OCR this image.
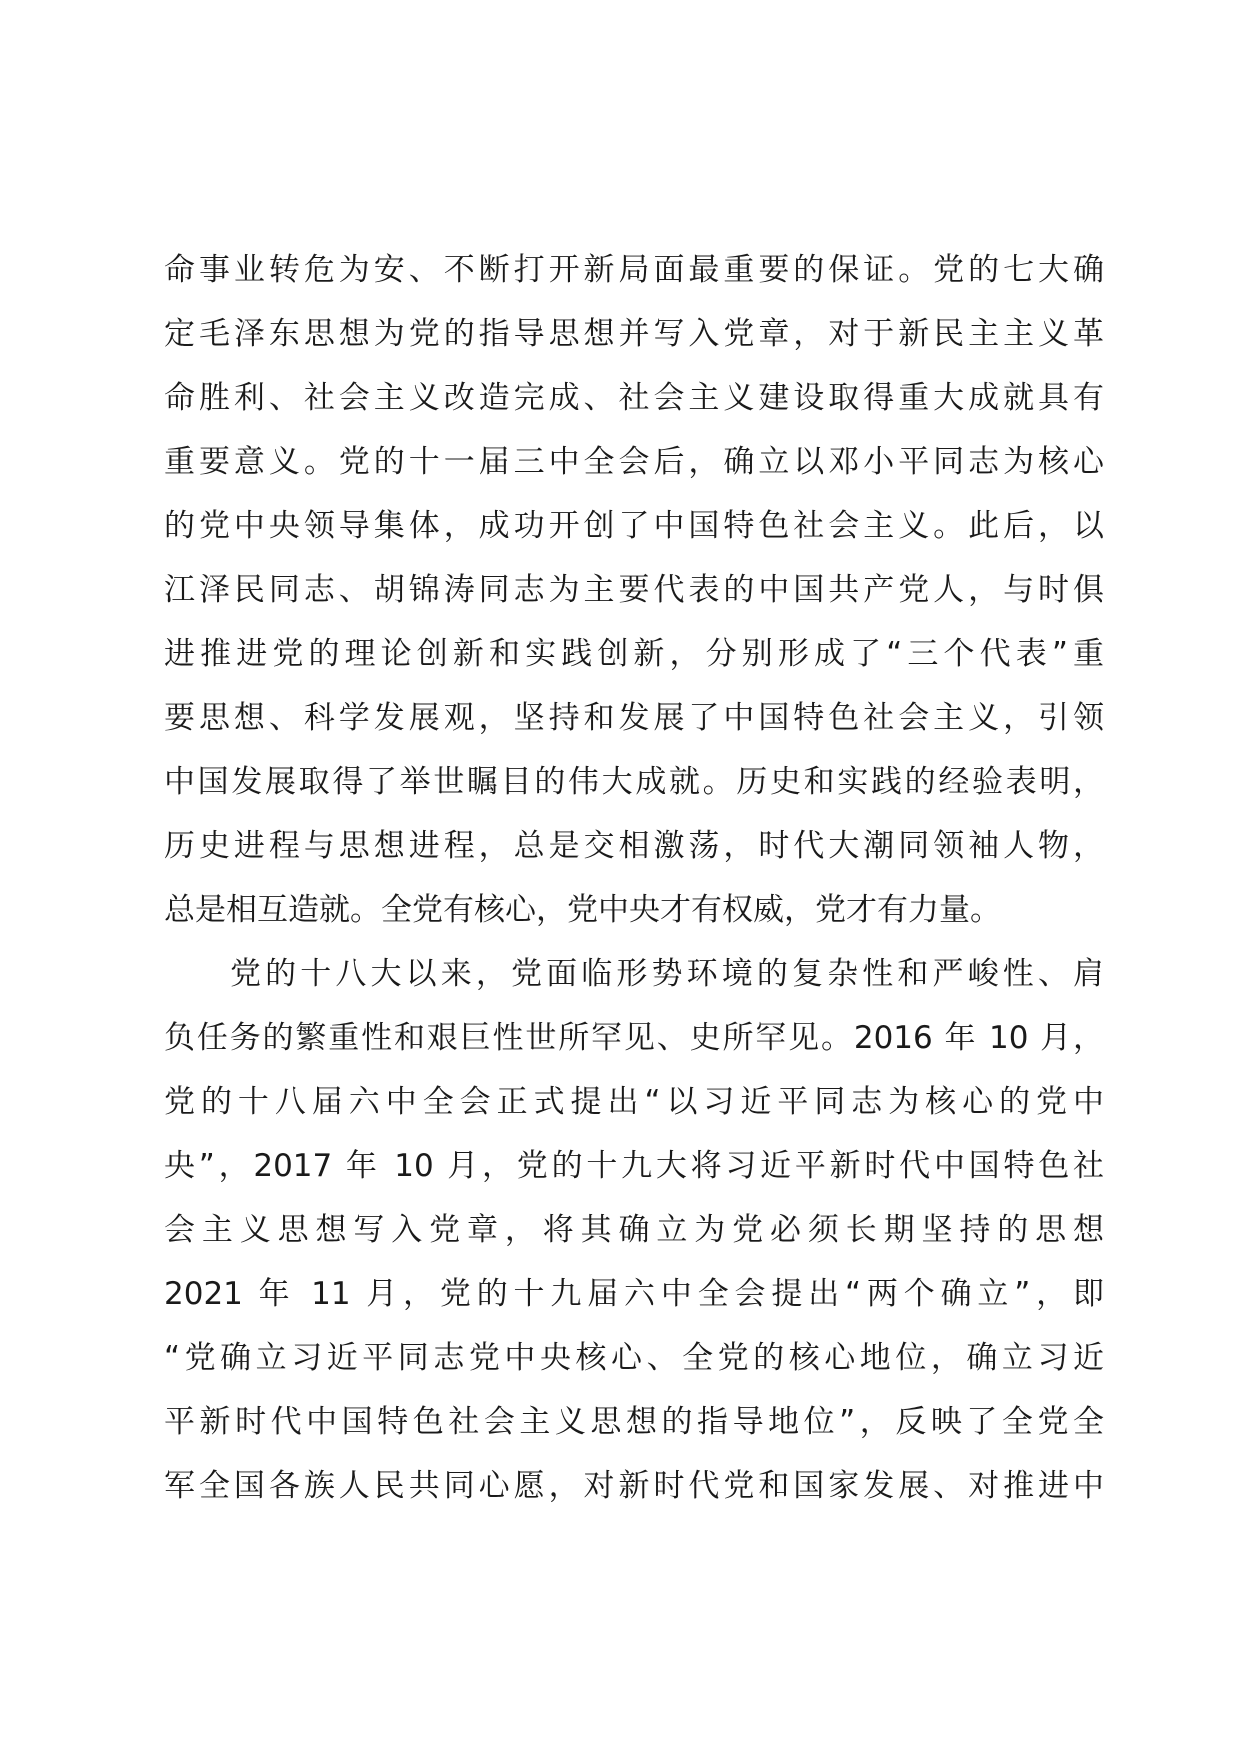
命事业转危为安、不断打开新局面最重要的保证。党的七大确
定毛泽东思想为党的指导思想并写入党章，对于新民主主义革
命胜利、社会主义改造完成、社会主义建设取得重大成就具有
重要意义。党的十一届三中全会后，确立以邓小平同志为核心
的党中央领导集体，成功开创了中国特色社会主义。此后，以
江泽民同志、胡锦涛同志为主要代表的中国共产党人，与时俱
进推进党的理论创新和实践创新，分别形成了“三个代表”重
要思想、科学发展观，坚持和发展了中国特色社会主义，引领
中国发展取得了举世瞩目的伟大成就。历史和实践的经验表明，
历史进程与思想进程，总是交相激荡，时代大潮同领袖人物，
总是相互造就。全党有核心，党中央才有权威，党才有力量。
党的十八大以来，党面临形势环境的复杂性和严峻性、肩
负任务的繁重性和艰巨性世所罕见、史所罕见。2016 年 10 月，
党的十八届六中全会正式提出“以习近平同志为核心的党中
央”，2017 年 10 月，党的十九大将习近平新时代中国特色社
会主义思想写入党章，将其确立为党必须长期坚持的思想
2021 年 11 月，党的十九届六中全会提出“两个确立”，即
“党确立习近平同志党中央核心、全党的核心地位，确立习近
平新时代中国特色社会主义思想的指导地位”，反映了全党全
军全国各族人民共同心愿，对新时代党和国家发展、对推进中
